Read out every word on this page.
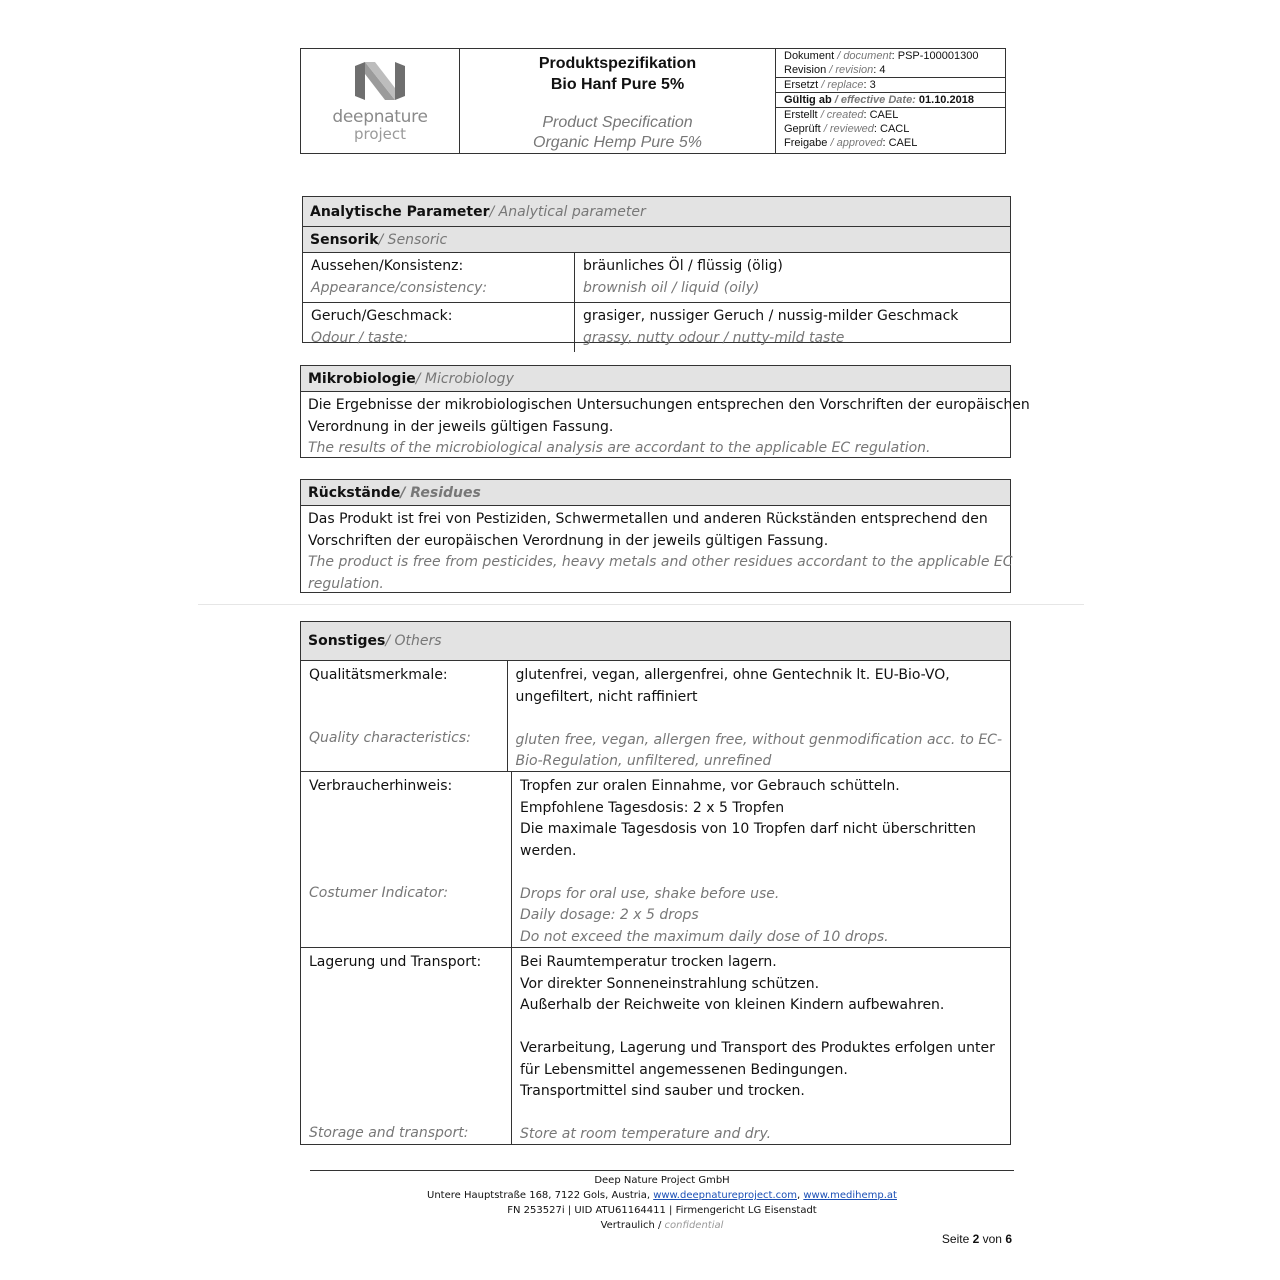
deepnature
project
Produktspezifikation
Bio Hanf Pure 5%
Product Specification
Organic Hemp Pure 5%
Dokument / document: PSP-100001300
Revision / revision: 4
Ersetzt / replace: 3
Gültig ab / effective Date: 01.10.2018
Erstellt / created: CAEL
Geprüft / reviewed: CACL
Freigabe / approved: CAEL
Analytische Parameter / Analytical parameter
Sensorik / Sensoric
Aussehen/Konsistenz:
Appearance/consistency:
bräunliches Öl / flüssig (ölig)
brownish oil / liquid (oily)
Geruch/Geschmack:
Odour / taste:
grasiger, nussiger Geruch / nussig-milder Geschmack
grassy, nutty odour / nutty-mild taste
Mikrobiologie / Microbiology
Die Ergebnisse der mikrobiologischen Untersuchungen entsprechen den Vorschriften der europäischen
Verordnung in der jeweils gültigen Fassung.
The results of the microbiological analysis are accordant to the applicable EC regulation.
Rückstände / Residues
Das Produkt ist frei von Pestiziden, Schwermetallen und anderen Rückständen entsprechend den
Vorschriften der europäischen Verordnung in der jeweils gültigen Fassung.
The product is free from pesticides, heavy metals and other residues accordant to the applicable EC
regulation.
Sonstiges / Others
Qualitätsmerkmale:
Quality characteristics:
glutenfrei, vegan, allergenfrei, ohne Gentechnik lt. EU-Bio-VO,
ungefiltert, nicht raffiniert
gluten free, vegan, allergen free, without genmodification acc. to EC-
Bio-Regulation, unfiltered, unrefined
Verbraucherhinweis:
Costumer Indicator:
Tropfen zur oralen Einnahme, vor Gebrauch schütteln.
Empfohlene Tagesdosis: 2 x 5 Tropfen
Die maximale Tagesdosis von 10 Tropfen darf nicht überschritten
werden.
Drops for oral use, shake before use.
Daily dosage: 2 x 5 drops
Do not exceed the maximum daily dose of 10 drops.
Lagerung und Transport:
Storage and transport:
Bei Raumtemperatur trocken lagern.
Vor direkter Sonneneinstrahlung schützen.
Außerhalb der Reichweite von kleinen Kindern aufbewahren.
Verarbeitung, Lagerung und Transport des Produktes erfolgen unter
für Lebensmittel angemessenen Bedingungen.
Transportmittel sind sauber und trocken.
Store at room temperature and dry.
Deep Nature Project GmbH
Untere Hauptstraße 168, 7122 Gols, Austria, www.deepnatureproject.com, www.medihemp.at
FN 253527i | UID ATU61164411 | Firmengericht LG Eisenstadt
Vertraulich / confidential
Seite 2 von 6
